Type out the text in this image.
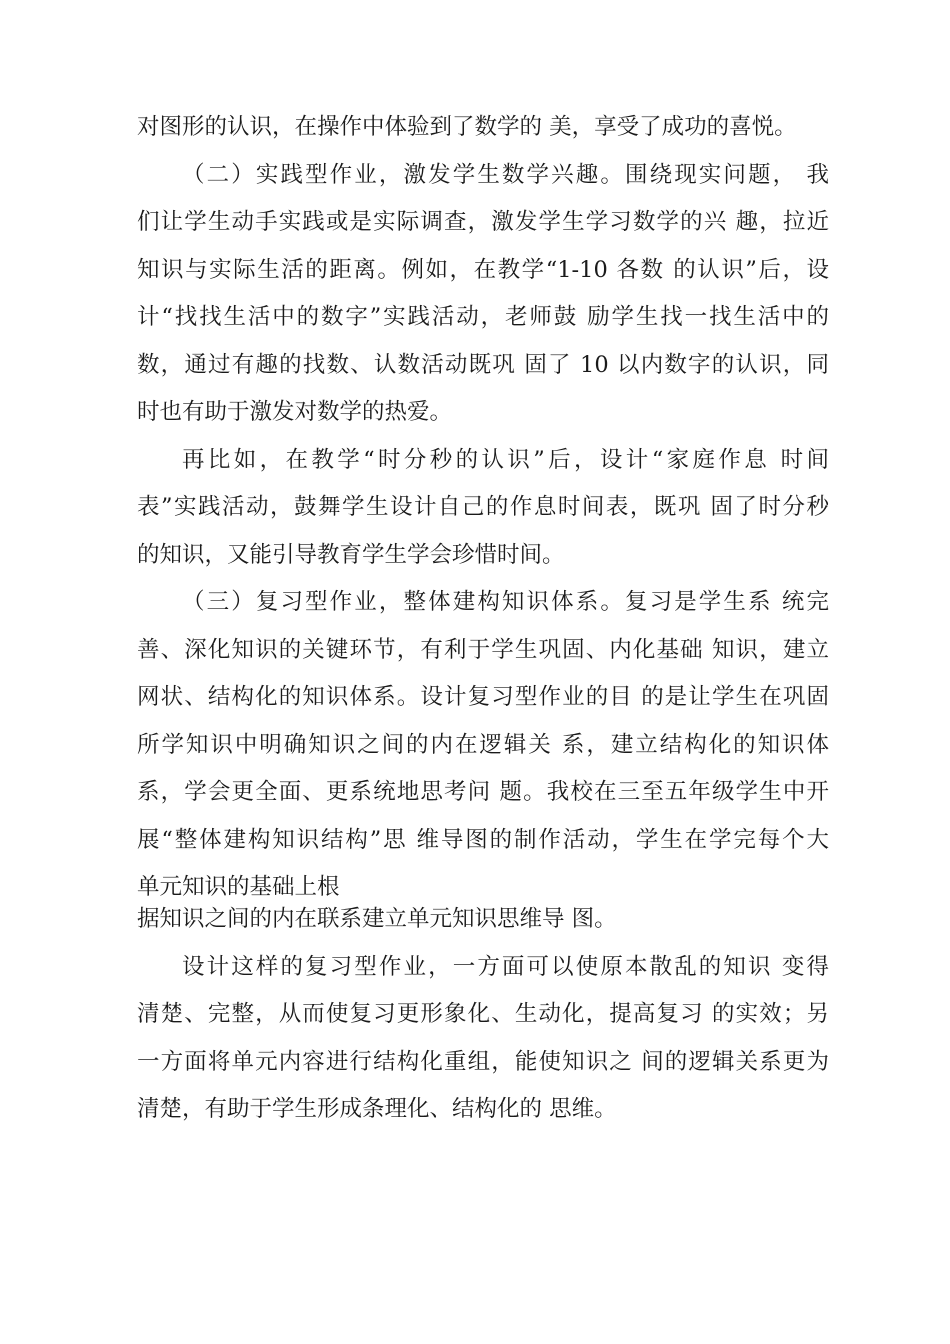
对图形的认识，在操作中体验到了数学的 美，享受了成功的喜悦。
（二）实践型作业，激发学生数学兴趣。围绕现实问题， 我
们让学生动手实践或是实际调查，激发学生学习数学的兴 趣，拉近
知识与实际生活的距离。例如，在教学“1-10 各数 的认识”后，设
计“找找生活中的数字”实践活动，老师鼓 励学生找一找生活中的
数，通过有趣的找数、认数活动既巩 固了 10 以内数字的认识，同
时也有助于激发对数学的热爱。
再比如，在教学“时分秒的认识”后，设计“家庭作息 时间
表”实践活动，鼓舞学生设计自己的作息时间表，既巩 固了时分秒
的知识，又能引导教育学生学会珍惜时间。
（三）复习型作业，整体建构知识体系。复习是学生系 统完
善、深化知识的关键环节，有利于学生巩固、内化基础 知识，建立
网状、结构化的知识体系。设计复习型作业的目 的是让学生在巩固
所学知识中明确知识之间的内在逻辑关 系，建立结构化的知识体
系，学会更全面、更系统地思考问 题。我校在三至五年级学生中开
展“整体建构知识结构”思 维导图的制作活动，学生在学完每个大
单元知识的基础上根
据知识之间的内在联系建立单元知识思维导 图。
设计这样的复习型作业，一方面可以使原本散乱的知识 变得
清楚、完整，从而使复习更形象化、生动化，提高复习 的实效；另
一方面将单元内容进行结构化重组，能使知识之 间的逻辑关系更为
清楚，有助于学生形成条理化、结构化的 思维。
